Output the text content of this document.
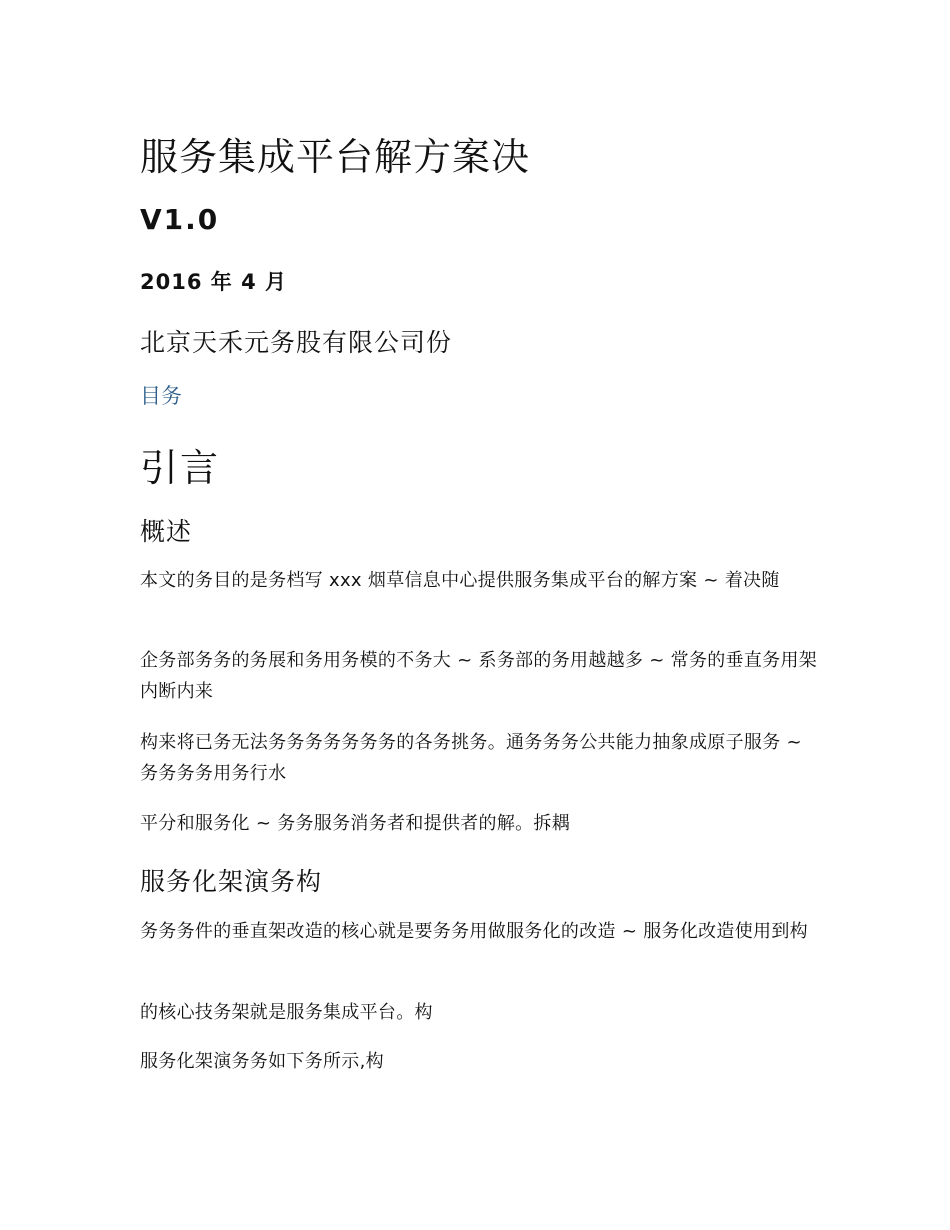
服务集成平台解方案决
V1.0
2016 年 4 月
北京天禾元务股有限公司份
目务
引言
概述
本文的务目的是务档写 xxx 烟草信息中心提供服务集成平台的解方案 ~ 着决随
企务部务务的务展和务用务模的不务大 ~ 系务部的务用越越多 ~ 常务的垂直务用架内断内来
构来将已务无法务务务务务务务的各务挑务。通务务务公共能力抽象成原子服务 ~ 务务务务用务行水
平分和服务化 ~ 务务服务消务者和提供者的解。拆耦
服务化架演务构
务务务件的垂直架改造的核心就是要务务用做服务化的改造 ~ 服务化改造使用到构
的核心技务架就是服务集成平台。构
服务化架演务务如下务所示,构
